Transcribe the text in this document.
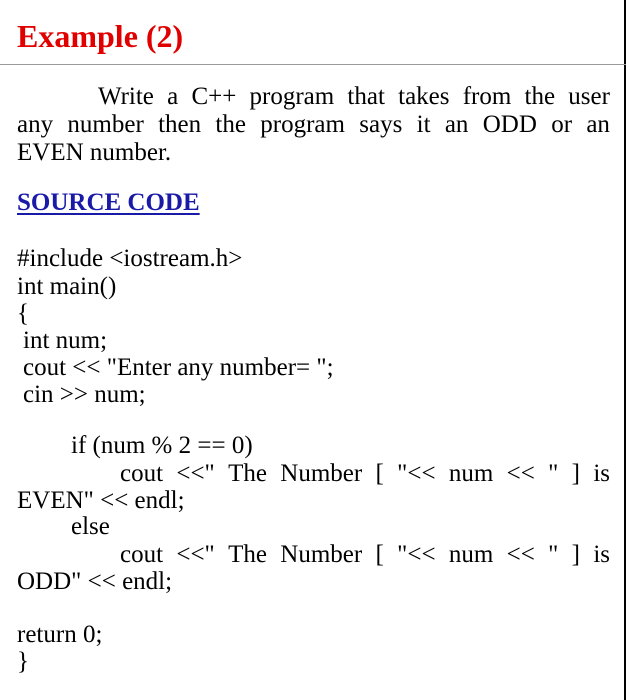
Example (2)
Write a C++ program that takes from the user
any number then the program says it an ODD or an
EVEN number.
SOURCE CODE
#include <iostream.h>
int main()
{
int num;
cout << "Enter any number= ";
cin >> num;
if (num % 2 == 0)
cout <<" The Number [ "<< num << " ] is
EVEN" << endl;
else
cout <<" The Number [ "<< num << " ] is
ODD" << endl;
return 0;
}
